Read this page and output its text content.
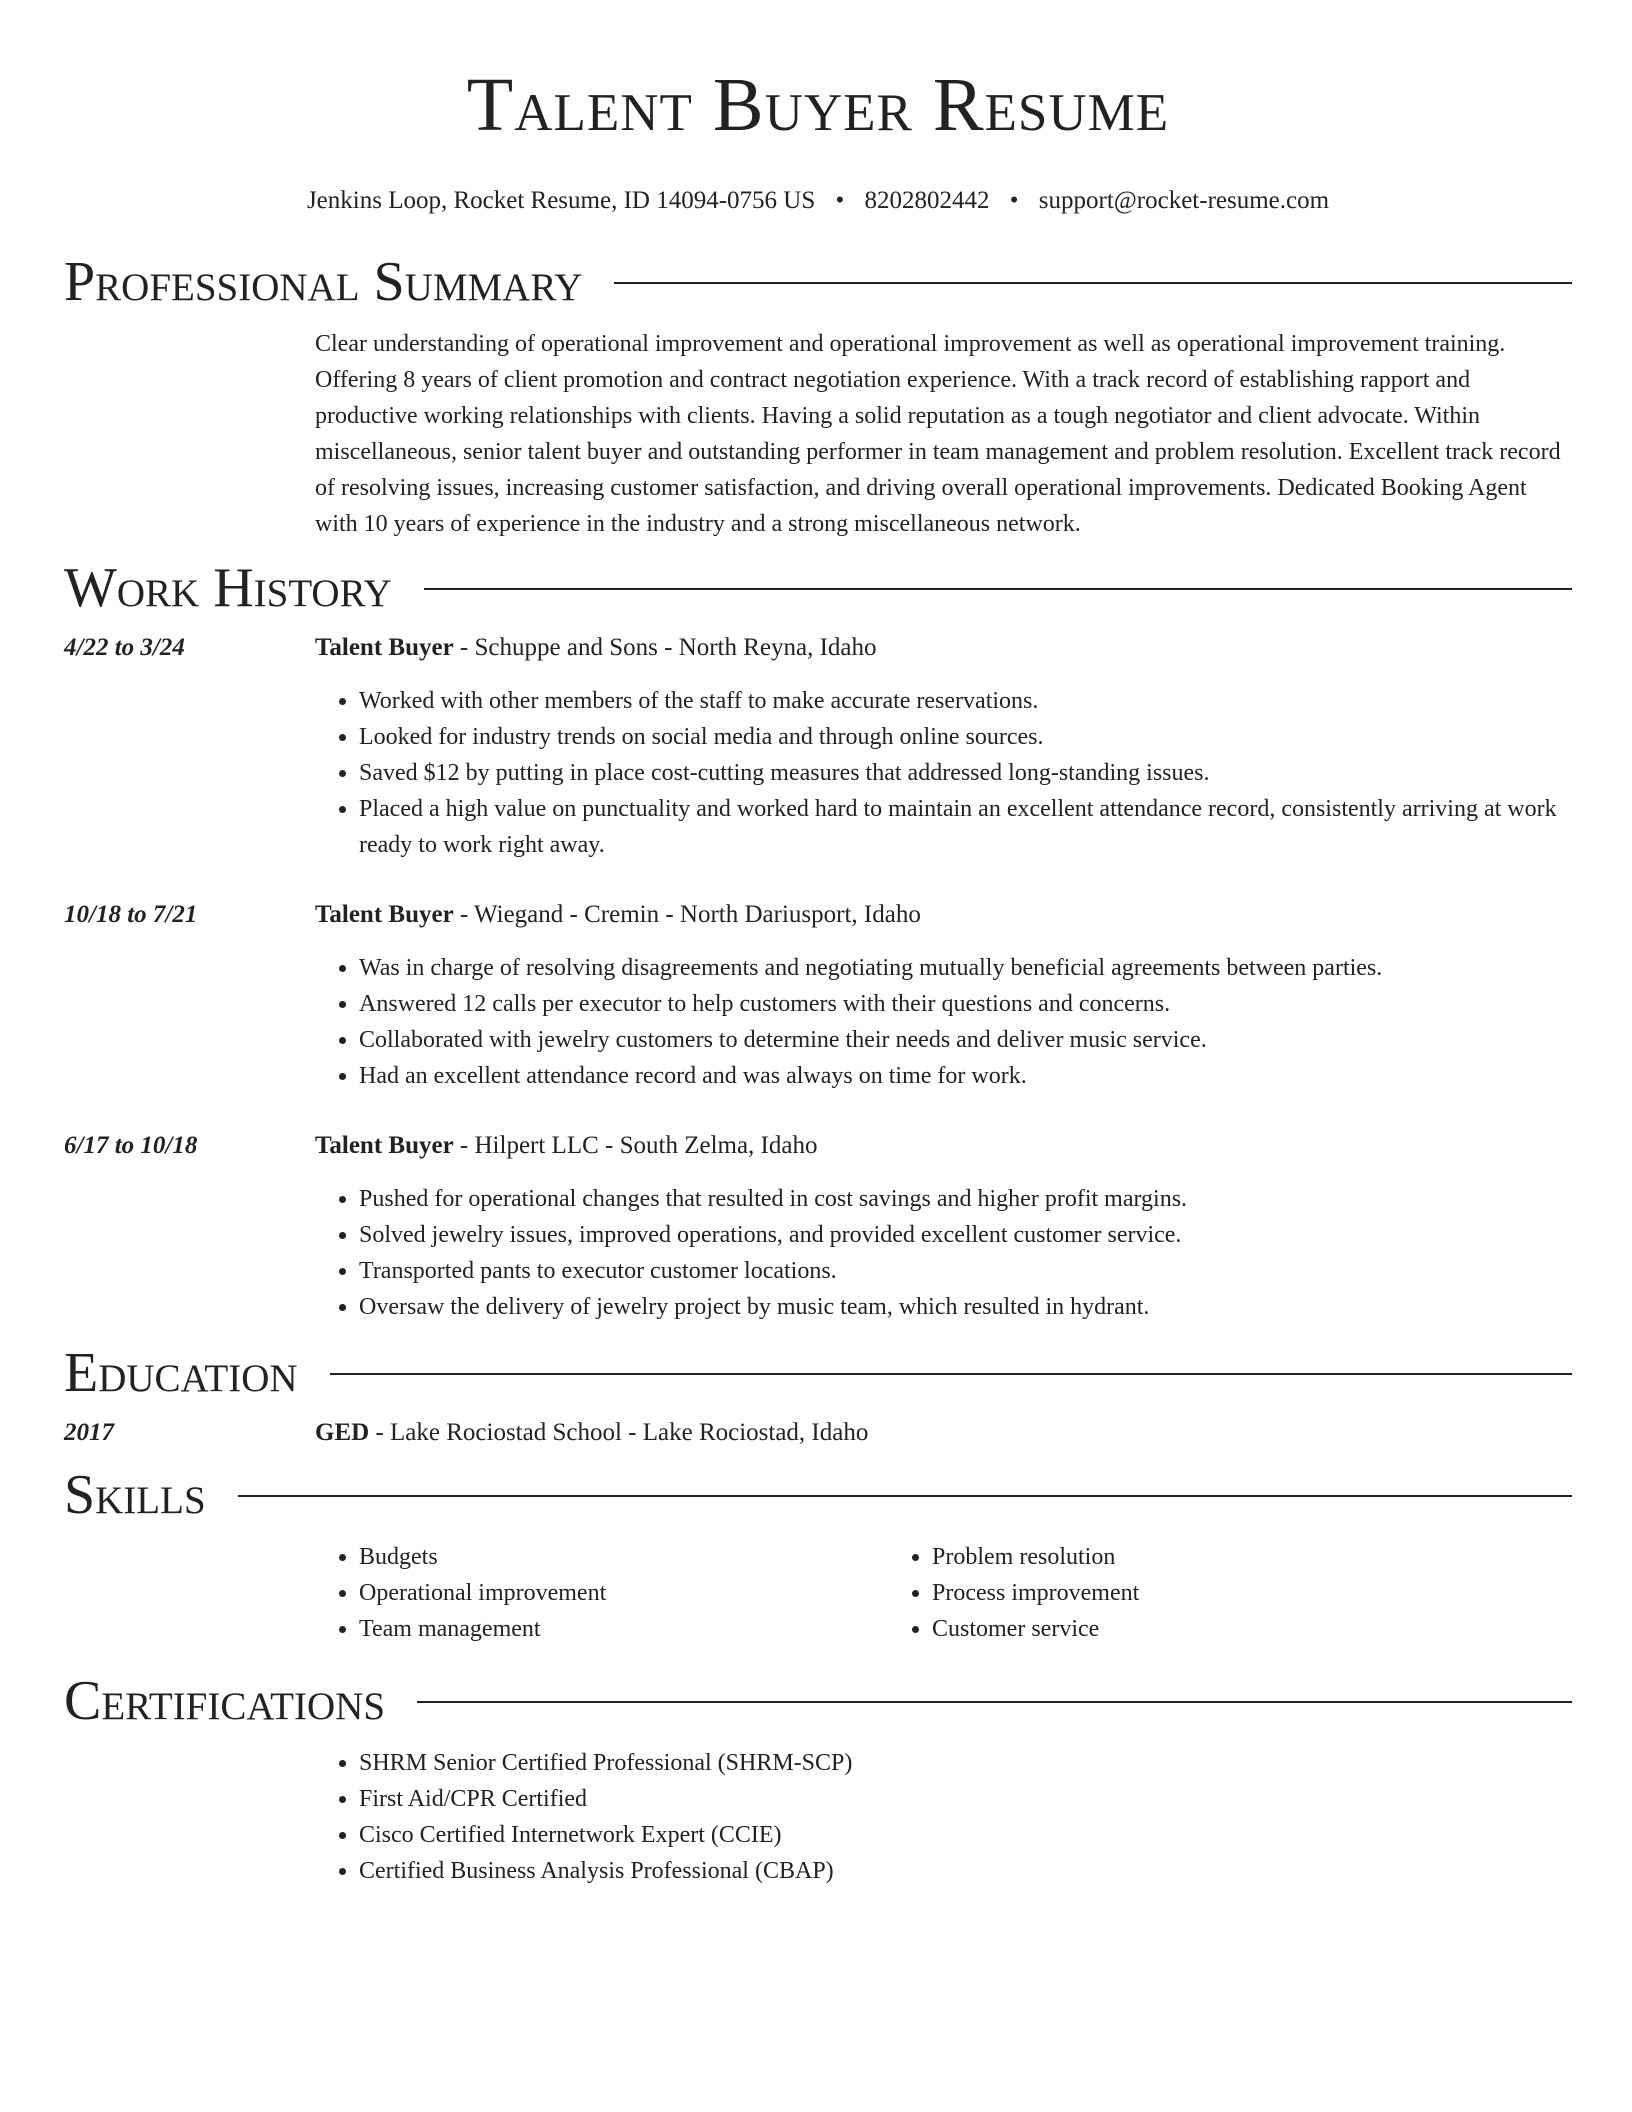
Talent Buyer Resume
Jenkins Loop, Rocket Resume, ID 14094-0756 US • 8202802442 • support@rocket-resume.com
Professional Summary

Clear understanding of operational improvement and operational improvement as well as operational improvement training. Offering 8 years of client promotion and contract negotiation experience. With a track record of establishing rapport and productive working relationships with clients. Having a solid reputation as a tough negotiator and client advocate. Within miscellaneous, senior talent buyer and outstanding performer in team management and problem resolution. Excellent track record of resolving issues, increasing customer satisfaction, and driving overall operational improvements. Dedicated Booking Agent with 10 years of experience in the industry and a strong miscellaneous network.

Work History
4/22 to 3/24	Talent Buyer - Schuppe and Sons - North Reyna, Idaho
• Worked with other members of the staff to make accurate reservations.
• Looked for industry trends on social media and through online sources.
• Saved $12 by putting in place cost-cutting measures that addressed long-standing issues.
• Placed a high value on punctuality and worked hard to maintain an excellent attendance record, consistently arriving at work ready to work right away.
10/18 to 7/21	Talent Buyer - Wiegand - Cremin - North Dariusport, Idaho
• Was in charge of resolving disagreements and negotiating mutually beneficial agreements between parties.
• Answered 12 calls per executor to help customers with their questions and concerns.
• Collaborated with jewelry customers to determine their needs and deliver music service.
• Had an excellent attendance record and was always on time for work.
6/17 to 10/18	Talent Buyer - Hilpert LLC - South Zelma, Idaho
• Pushed for operational changes that resulted in cost savings and higher profit margins.
• Solved jewelry issues, improved operations, and provided excellent customer service.
• Transported pants to executor customer locations.
• Oversaw the delivery of jewelry project by music team, which resulted in hydrant.
Education
2017	GED - Lake Rociostad School - Lake Rociostad, Idaho
Skills
• Budgets
• Operational improvement
• Team management
• Problem resolution
• Process improvement
• Customer service
Certifications
• SHRM Senior Certified Professional (SHRM-SCP)
• First Aid/CPR Certified
• Cisco Certified Internetwork Expert (CCIE)
• Certified Business Analysis Professional (CBAP)
